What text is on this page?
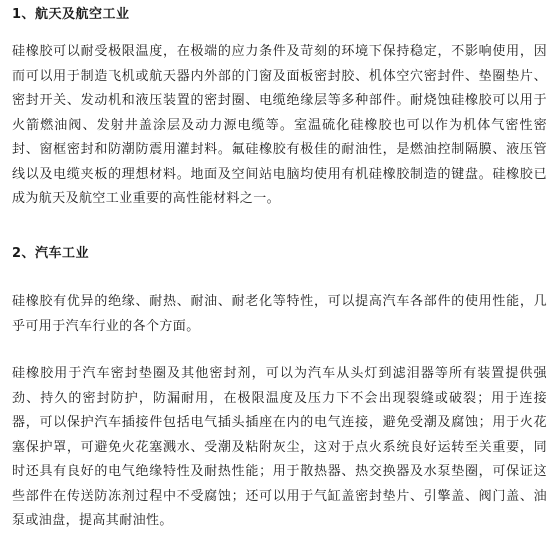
1、航天及航空工业

硅橡胶可以耐受极限温度，在极端的应力条件及苛刻的环境下保持稳定，不影响使用，因而可以用于制造飞机或航天器内外部的门窗及面板密封胶、机体空穴密封件、垫圈垫片、密封开关、发动机和液压装置的密封圈、电缆绝缘层等多种部件。耐烧蚀硅橡胶可以用于火箭燃油阀、发射井盖涂层及动力源电缆等。室温硫化硅橡胶也可以作为机体气密性密封、窗框密封和防潮防震用灌封料。氟硅橡胶有极佳的耐油性，是燃油控制隔膜、液压管线以及电缆夹板的理想材料。地面及空间站电脑均使用有机硅橡胶制造的键盘。硅橡胶已成为航天及航空工业重要的高性能材料之一。

2、汽车工业

硅橡胶有优异的绝缘、耐热、耐油、耐老化等特性，可以提高汽车各部件的使用性能，几乎可用于汽车行业的各个方面。

硅橡胶用于汽车密封垫圈及其他密封剂，可以为汽车从头灯到滤泪器等所有装置提供强劲、持久的密封防护，防漏耐用，在极限温度及压力下不会出现裂缝或破裂；用于连接器，可以保护汽车插接件包括电气插头插座在内的电气连接，避免受潮及腐蚀；用于火花塞保护罩，可避免火花塞溅水、受潮及粘附灰尘，这对于点火系统良好运转至关重要，同时还具有良好的电气绝缘特性及耐热性能；用于散热器、热交换器及水泵垫圈，可保证这些部件在传送防冻剂过程中不受腐蚀；还可以用于气缸盖密封垫片、引擎盖、阀门盖、油泵或油盘，提高其耐油性。
